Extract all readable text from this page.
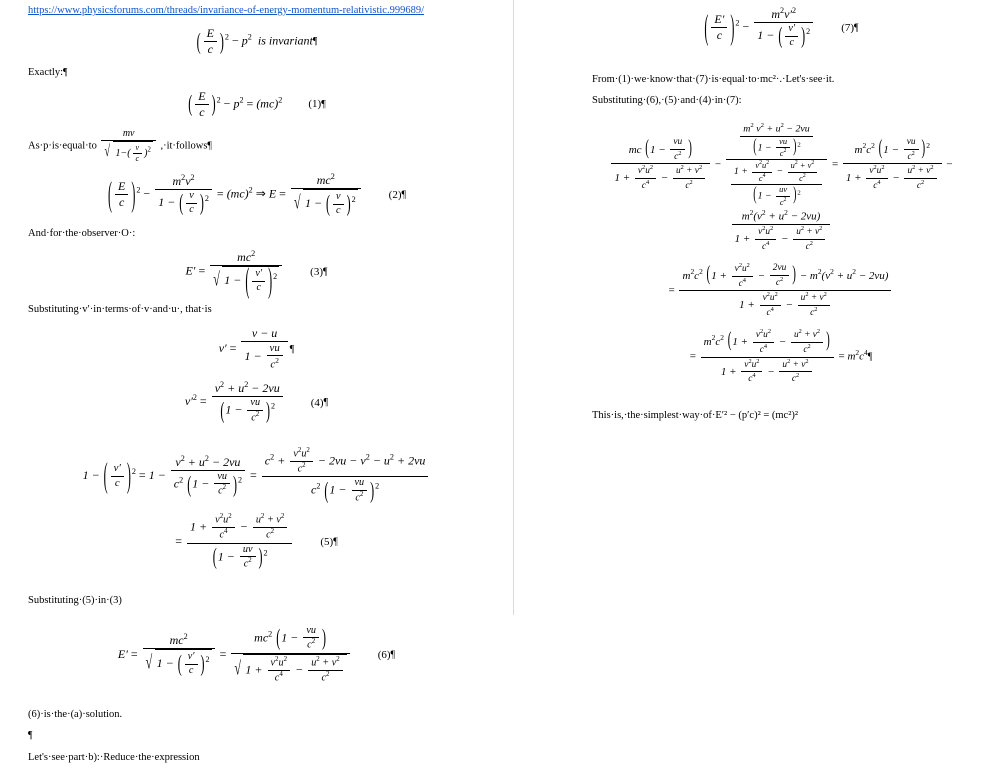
https://www.physicsforums.com/threads/invariance-of-energy-momentum-relativistic.999689/
( $\frac{E}{c} )^2 - p^2$  is invariant¶
Exactly:¶
( $\frac{E}{c} )^2 - p^2 = (mc)^2$ (1)¶
As·p·is·equal·to $\frac{mv}{√ 1-( \frac{v}{c} )^2}$ ,·it·follows¶
( $\frac{E}{c} )^2 - \frac{m^2v^2}{1 - ( \frac{v}{c} )^2} = (mc)^2$ ⇒ $E = \frac{mc^2}{√ 1 - ( \frac{v}{c} )^2}$	(2)¶
And·for·the·observer·O·:
$E' = \frac{mc^2}{√ 1 - ( \frac{v'}{c} )^2}$	(3)¶
Substituting·v′·in·terms·of·v·and·u·, that·is
$v' = \frac{v - u}{1 - \frac{vu}{c^2}}$ ¶
$v'^2 = \frac{v^2 + u^2 - 2vu}{(1 - \frac{vu}{c^2} )^2}$	(4)¶
1 − ( $\frac{v'}{c} )^2 = 1 - \frac{v^2 + u^2 - 2vu}{c^2 (1 - \frac{vu}{c^2} )^2} = \frac{c^2 + \frac{v^2u^2}{c^2} - 2vu - v^2 - u^2 + 2vu}{c^2 (1 - \frac{vu}{c^2} )^2}$
= $\frac{1 + \frac{v^2u^2}{c^4} - \frac{u^2 + v^2}{c^2}}{(1 - \frac{uv}{c^2} )^2}$	(5)¶
Substituting·(5)·in·(3)
$E' = \frac{mc^2}{√ 1 - ( \frac{v'}{c} )^2} = \frac{mc^2 (1 - \frac{vu}{c^2} )}{√ 1 + \frac{v^2u^2}{c^4} - \frac{u^2 + v^2}{c^2}}$	(6)¶
(6)·is·the·(a)·solution.
¶
Let's·see·part·b):·Reduce·the·expression
( $\frac{E'}{c} )^2 - \frac{m^2v'^2}{1 - ( \frac{v'}{c} )^2}$	(7)¶
From·(1)·we·know·that·(7)·is·equal·to·mc²·.·Let's·see·it.
Substituting·(6),·(5)·and·(4)·in·(7):
$\frac{mc (1 - \frac{vu}{c^2} )}{1 + \frac{v^2u^2}{c^4} - \frac{u^2 + v^2}{c^2}} - \frac{\frac{m^2 v^2 + u^2 - 2vu}{(1 - \frac{vu}{c^2} )^2}}{\frac{1 + \frac{v^2u^2}{c^4} - \frac{u^2 + v^2}{c^2}}{(1 - \frac{uv}{c^2} )^2}} = \frac{m^2c^2 (1 - \frac{vu}{c^2} )^2}{1 + \frac{v^2u^2}{c^4} - \frac{u^2 + v^2}{c^2}}$ −
$\frac{m^2(v^2 + u^2 - 2vu)}{1 + \frac{v^2u^2}{c^4} - \frac{u^2 + v^2}{c^2}}$
= $\frac{m^2c^2 (1 + \frac{v^2u^2}{c^4} - \frac{2vu}{c^2} ) - m^2(v^2 + u^2 - 2vu)}{1 + \frac{v^2u^2}{c^4} - \frac{u^2 + v^2}{c^2}}$
= $\frac{m^2c^2 (1 + \frac{v^2u^2}{c^4} - \frac{u^2 + v^2}{c^2} )}{1 + \frac{v^2u^2}{c^4} - \frac{u^2 + v^2}{c^2}}$ = $m^2c^4\P$
This·is,·the·simplest·way·of·E′² − (p′c)² = (mc²)²
